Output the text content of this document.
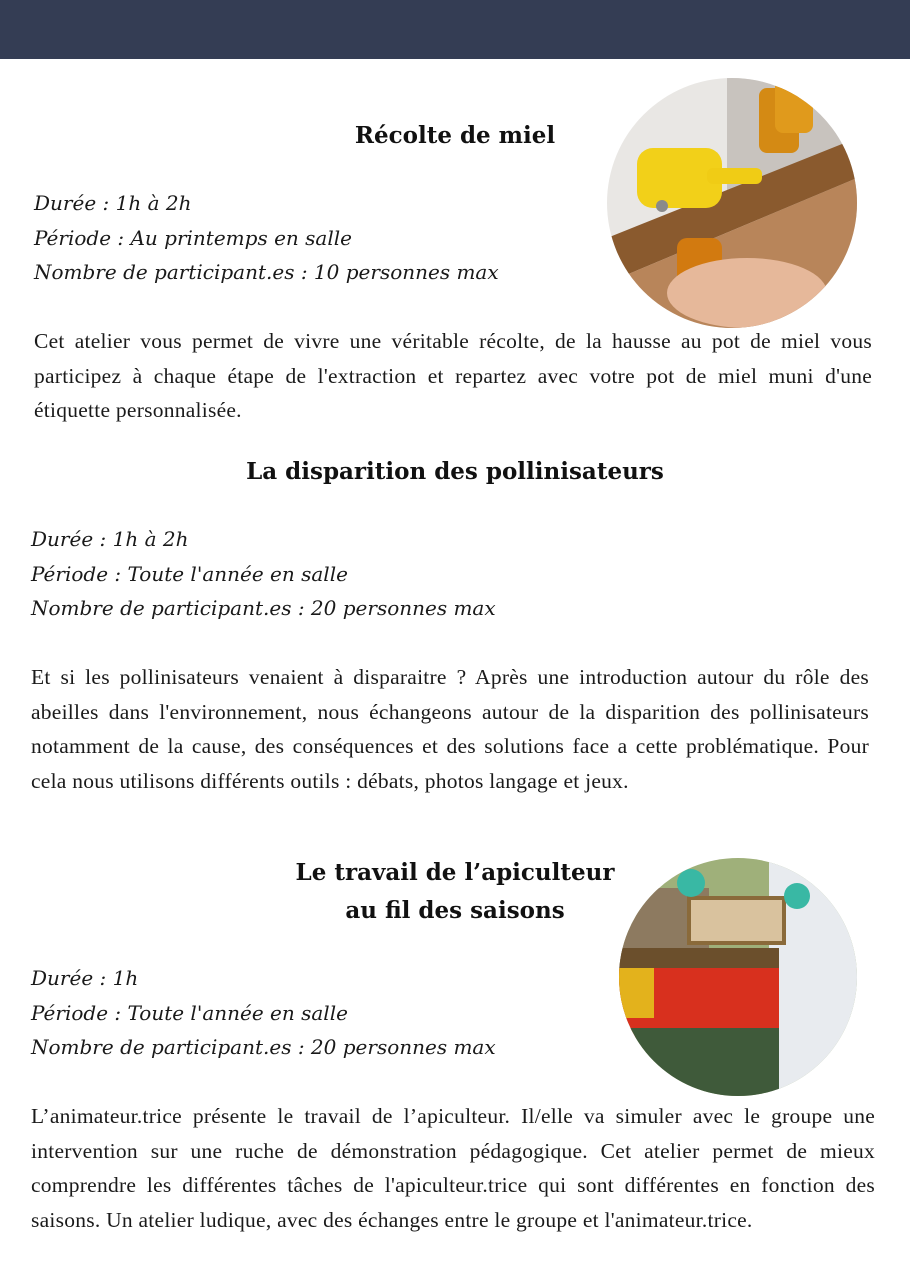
Récolte de miel
Durée : 1h à 2h
Période : Au printemps en salle
Nombre de participant.es : 10 personnes max
Cet atelier vous permet de vivre une véritable récolte, de la hausse au pot de miel vous participez à chaque étape de l'extraction et repartez avec votre pot de miel muni d'une étiquette personnalisée.
La disparition des pollinisateurs
Durée : 1h à 2h
Période : Toute l'année en salle
Nombre de participant.es : 20 personnes max
Et si les pollinisateurs venaient à disparaitre ? Après une introduction autour du rôle des abeilles dans l'environnement, nous échangeons autour de la disparition des pollinisateurs notamment de la cause, des conséquences et des solutions face a cette problématique. Pour cela nous utilisons différents outils : débats, photos langage et jeux.
Le travail de l’apiculteur
au fil des saisons
Durée : 1h
Période : Toute l'année en salle
Nombre de participant.es : 20 personnes max
L’animateur.trice présente le travail de l’apiculteur. Il/elle va simuler avec le groupe une intervention sur une ruche de démonstration pédagogique. Cet atelier permet de mieux comprendre les différentes tâches de l'apiculteur.trice qui sont différentes en fonction des saisons. Un atelier ludique, avec des échanges entre le groupe et l'animateur.trice.
